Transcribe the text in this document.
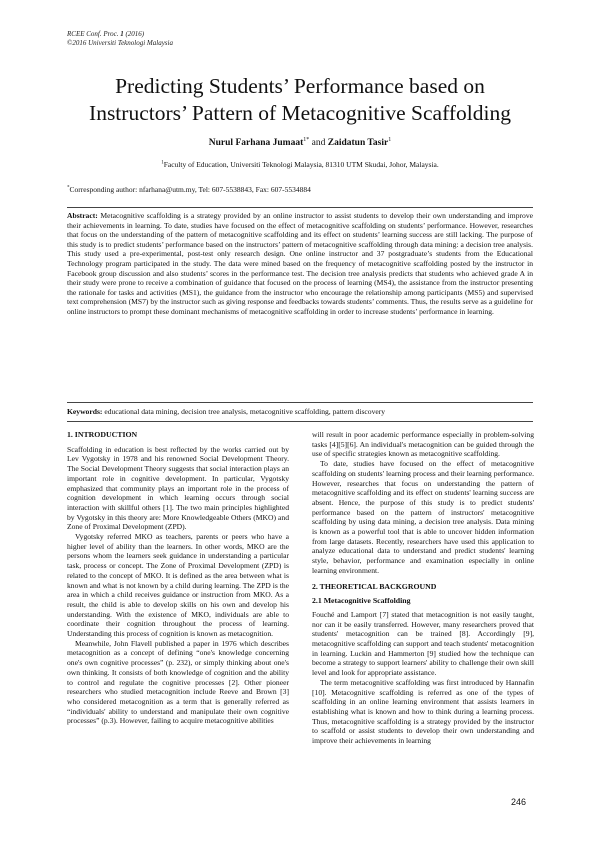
RCEE Conf. Proc. 1 (2016)
©2016 Universiti Teknologi Malaysia
Predicting Students’ Performance based on
Instructors’ Pattern of Metacognitive Scaffolding
Nurul Farhana Jumaat$^{1*}$ and Zaidatun Tasir$^1$
$^1$Faculty of Education, Universiti Teknologi Malaysia, 81310 UTM Skudai, Johor, Malaysia.
*Corresponding author: nfarhana@utm.my, Tel: 607-5538843, Fax: 607-5534884
Abstract: Metacognitive scaffolding is a strategy provided by an online instructor to assist students to develop their own understanding and improve their achievements in learning. To date, studies have focused on the effect of metacognitive scaffolding on students’ performance. However, researches that focus on the understanding of the pattern of metacognitive scaffolding and its effect on students’ learning success are still lacking. The purpose of this study is to predict students’ performance based on the instructors’ pattern of metacognitive scaffolding through data mining: a decision tree analysis. This study used a pre-experimental, post-test only research design. One online instructor and 37 postgraduate’s students from the Educational Technology program participated in the study. The data were mined based on the frequency of metacognitive scaffolding posted by the instructor in Facebook group discussion and also students’ scores in the performance test. The decision tree analysis predicts that students who achieved grade A in their study were prone to receive a combination of guidance that focused on the process of learning (MS4), the assistance from the instructor presenting the rationale for tasks and activities (MS1), the guidance from the instructor who encourage the relationship among participants (MS5) and supervised text comprehension (MS7) by the instructor such as giving response and feedbacks towards students’ comments. Thus, the results serve as a guideline for online instructors to prompt these dominant mechanisms of metacognitive scaffolding in order to increase students’ performance in learning.
Keywords: educational data mining, decision tree analysis, metacognitive scaffolding, pattern discovery
1. INTRODUCTION

Scaffolding in education is best reflected by the works carried out by Lev Vygotsky in 1978 and his renowned Social Development Theory. The Social Development Theory suggests that social interaction plays an important role in cognitive development. In particular, Vygotsky emphasized that community plays an important role in the process of cognition development in which learning occurs through social interaction with skillful others [1]. The two main principles highlighted by Vygotsky in this theory are: More Knowledgeable Others (MKO) and Zone of Proximal Development (ZPD).

Vygotsky referred MKO as teachers, parents or peers who have a higher level of ability than the learners. In other words, MKO are the persons whom the learners seek guidance in understanding a particular task, process or concept. The Zone of Proximal Development (ZPD) is related to the concept of MKO. It is defined as the area between what is known and what is not known by a child during learning. The ZPD is the area in which a child receives guidance or instruction from MKO. As a result, the child is able to develop skills on his own and develop his understanding. With the existence of MKO, individuals are able to coordinate their cognition throughout the process of learning. Understanding this process of cognition is known as metacognition.

Meanwhile, John Flavell published a paper in 1976 which describes metacognition as a concept of defining “one's knowledge concerning one's own cognitive processes” (p. 232), or simply thinking about one's own thinking. It consists of both knowledge of cognition and the ability to control and regulate the cognitive processes [2]. Other pioneer researchers who studied metacognition include Reeve and Brown [3] who considered metacognition as a term that is generally referred as “individuals' ability to understand and manipulate their own cognitive processes” (p.3). However, failing to acquire metacognitive abilities

will result in poor academic performance especially in problem-solving tasks [4][5][6]. An individual's metacognition can be guided through the use of specific strategies known as metacognitive scaffolding.

To date, studies have focused on the effect of metacognitive scaffolding on students' learning process and their learning performance. However, researches that focus on understanding the pattern of metacognitive scaffolding and its effect on students' learning success are absent. Hence, the purpose of this study is to predict students' performance based on the pattern of instructors' metacognitive scaffolding by using data mining, a decision tree analysis. Data mining is known as a powerful tool that is able to uncover hidden information from large datasets. Recently, researchers have used this application to analyze educational data to understand and predict students' learning style, behavior, performance and examination especially in online learning environment.

2. THEORETICAL BACKGROUND
2.1 Metacognitive Scaffolding

Fouché and Lamport [7] stated that metacognition is not easily taught, nor can it be easily transferred. However, many researchers proved that students' metacognition can be trained [8]. Accordingly [9], metacognitive scaffolding can support and teach students' metacognition in learning. Luckin and Hammerton [9] studied how the technique can become a strategy to support learners' ability to challenge their own skill level and look for appropriate assistance.

The term metacognitive scaffolding was first introduced by Hannafin [10]. Metacognitive scaffolding is referred as one of the types of scaffolding in an online learning environment that assists learners in establishing what is known and how to think during a learning process. Thus, metacognitive scaffolding is a strategy provided by the instructor to scaffold or assist students to develop their own understanding and improve their achievements in learning

246
